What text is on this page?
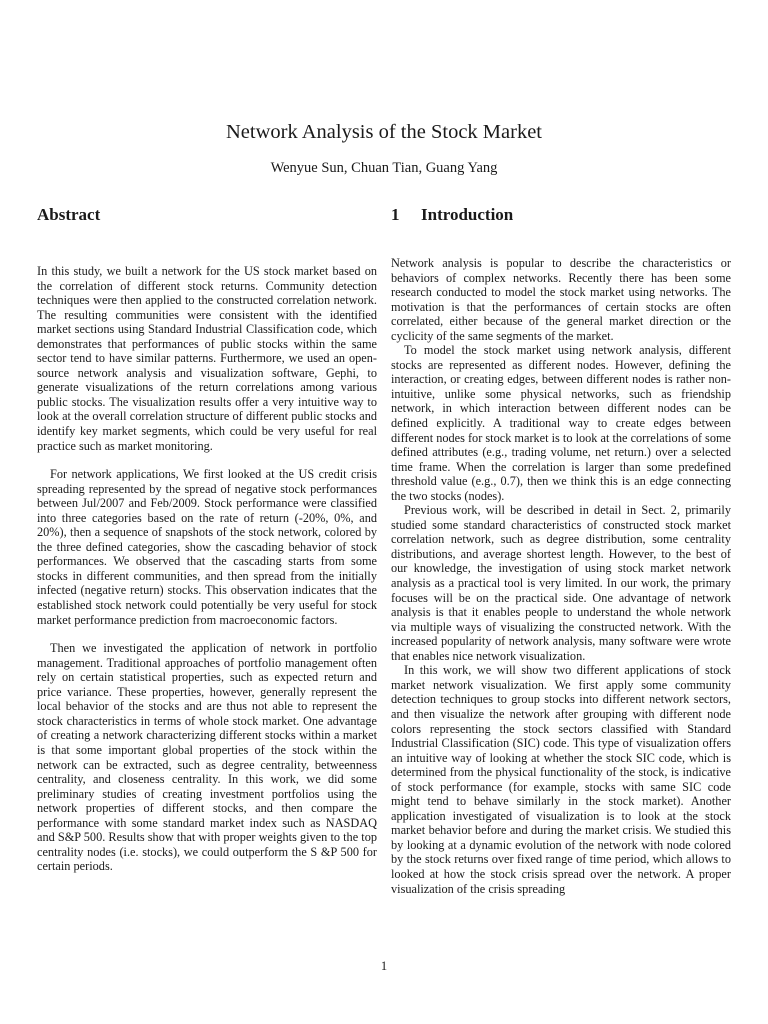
Network Analysis of the Stock Market
Wenyue Sun, Chuan Tian, Guang Yang
Abstract

In this study, we built a network for the US stock market based on the correlation of different stock returns. Community detection techniques were then applied to the constructed correlation network. The resulting communities were consistent with the identified market sections using Standard Industrial Classification code, which demonstrates that performances of public stocks within the same sector tend to have similar patterns. Furthermore, we used an open-source network analysis and visualization software, Gephi, to generate visualizations of the return correlations among various public stocks. The visualization results offer a very intuitive way to look at the overall correlation structure of different public stocks and identify key market segments, which could be very useful for real practice such as market monitoring.

For network applications, We first looked at the US credit crisis spreading represented by the spread of negative stock performances between Jul/2007 and Feb/2009. Stock performance were classified into three categories based on the rate of return (-20%, 0%, and 20%), then a sequence of snapshots of the stock network, colored by the three defined categories, show the cascading behavior of stock performances. We observed that the cascading starts from some stocks in different communities, and then spread from the initially infected (negative return) stocks. This observation indicates that the established stock network could potentially be very useful for stock market performance prediction from macroeconomic factors.

Then we investigated the application of network in portfolio management. Traditional approaches of portfolio management often rely on certain statistical properties, such as expected return and price variance. These properties, however, generally represent the local behavior of the stocks and are thus not able to represent the stock characteristics in terms of whole stock market. One advantage of creating a network characterizing different stocks within a market is that some important global properties of the stock within the network can be extracted, such as degree centrality, betweenness centrality, and closeness centrality. In this work, we did some preliminary studies of creating investment portfolios using the network properties of different stocks, and then compare the performance with some standard market index such as NASDAQ and S&P 500. Results show that with proper weights given to the top centrality nodes (i.e. stocks), we could outperform the S &P 500 for certain periods.

1 Introduction

Network analysis is popular to describe the characteristics or behaviors of complex networks. Recently there has been some research conducted to model the stock market using networks. The motivation is that the performances of certain stocks are often correlated, either because of the general market direction or the cyclicity of the same segments of the market.

To model the stock market using network analysis, different stocks are represented as different nodes. However, defining the interaction, or creating edges, between different nodes is rather non-intuitive, unlike some physical networks, such as friendship network, in which interaction between different nodes can be defined explicitly. A traditional way to create edges between different nodes for stock market is to look at the correlations of some defined attributes (e.g., trading volume, net return.) over a selected time frame. When the correlation is larger than some predefined threshold value (e.g., 0.7), then we think this is an edge connecting the two stocks (nodes).

Previous work, will be described in detail in Sect. 2, primarily studied some standard characteristics of constructed stock market correlation network, such as degree distribution, some centrality distributions, and average shortest length. However, to the best of our knowledge, the investigation of using stock market network analysis as a practical tool is very limited. In our work, the primary focuses will be on the practical side. One advantage of network analysis is that it enables people to understand the whole network via multiple ways of visualizing the constructed network. With the increased popularity of network analysis, many software were wrote that enables nice network visualization.

In this work, we will show two different applications of stock market network visualization. We first apply some community detection techniques to group stocks into different network sectors, and then visualize the network after grouping with different node colors representing the stock sectors classified with Standard Industrial Classification (SIC) code. This type of visualization offers an intuitive way of looking at whether the stock SIC code, which is determined from the physical functionality of the stock, is indicative of stock performance (for example, stocks with same SIC code might tend to behave similarly in the stock market). Another application investigated of visualization is to look at the stock market behavior before and during the market crisis. We studied this by looking at a dynamic evolution of the network with node colored by the stock returns over fixed range of time period, which allows to looked at how the stock crisis spread over the network. A proper visualization of the crisis spreading

1
